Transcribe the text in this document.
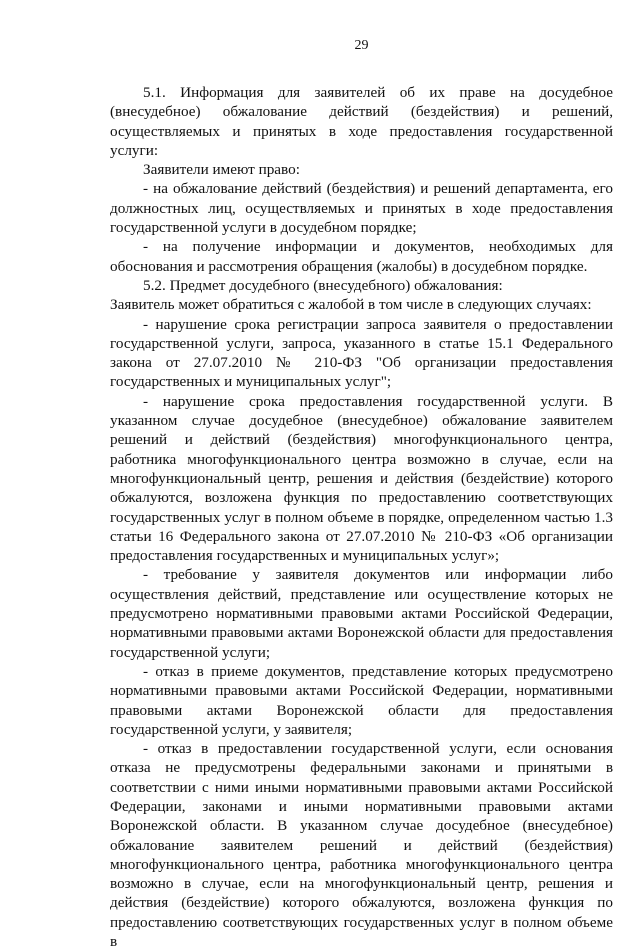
29

5.1. Информация для заявителей об их праве на досудебное (внесудебное) обжалование действий (бездействия) и решений, осуществляемых и принятых в ходе предоставления государственной услуги:

Заявители имеют право:

- на обжалование действий (бездействия) и решений департамента, его должностных лиц, осуществляемых и принятых в ходе предоставления государственной услуги в досудебном порядке;

- на получение информации и документов, необходимых для обоснования и рассмотрения обращения (жалобы) в досудебном порядке.

5.2. Предмет досудебного (внесудебного) обжалования:

Заявитель может обратиться с жалобой в том числе в следующих случаях:

- нарушение срока регистрации запроса заявителя о предоставлении государственной услуги, запроса, указанного в статье 15.1 Федерального закона от 27.07.2010 № 210-ФЗ "Об организации предоставления государственных и муниципальных услуг";

- нарушение срока предоставления государственной услуги. В указанном случае досудебное (внесудебное) обжалование заявителем решений и действий (бездействия) многофункционального центра, работника многофункционального центра возможно в случае, если на многофункциональный центр, решения и действия (бездействие) которого обжалуются, возложена функция по предоставлению соответствующих государственных услуг в полном объеме в порядке, определенном частью 1.3 статьи 16 Федерального закона от 27.07.2010 № 210-ФЗ «Об организации предоставления государственных и муниципальных услуг»;

- требование у заявителя документов или информации либо осуществления действий, представление или осуществление которых не предусмотрено нормативными правовыми актами Российской Федерации, нормативными правовыми актами Воронежской области для предоставления государственной услуги;

- отказ в приеме документов, представление которых предусмотрено нормативными правовыми актами Российской Федерации, нормативными правовыми актами Воронежской области для предоставления государственной услуги, у заявителя;

- отказ в предоставлении государственной услуги, если основания отказа не предусмотрены федеральными законами и принятыми в соответствии с ними иными нормативными правовыми актами Российской Федерации, законами и иными нормативными правовыми актами Воронежской области. В указанном случае досудебное (внесудебное) обжалование заявителем решений и действий (бездействия) многофункционального центра, работника многофункционального центра возможно в случае, если на многофункциональный центр, решения и действия (бездействие) которого обжалуются, возложена функция по предоставлению соответствующих государственных услуг в полном объеме в
